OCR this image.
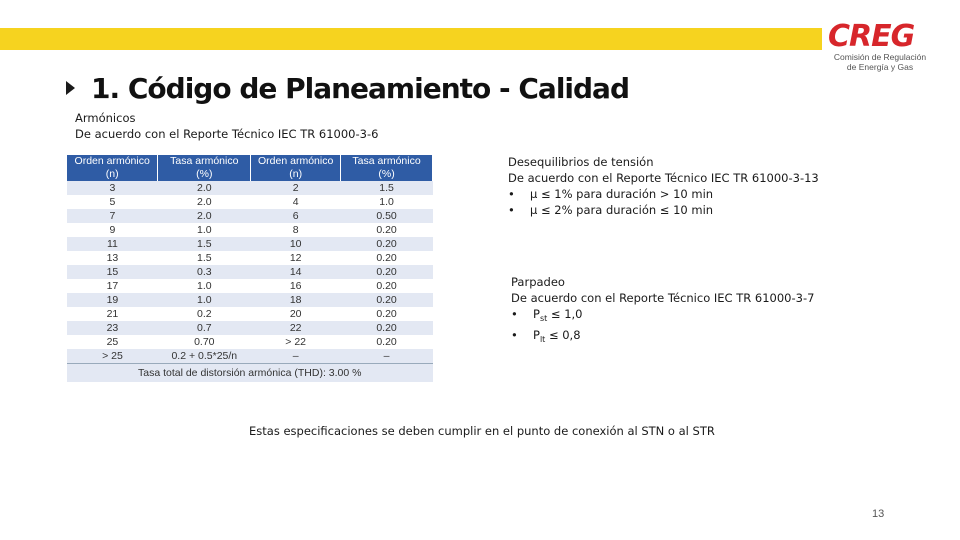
CREG
Comisión de Regulación
de Energía y Gas
1. Código de Planeamiento - Calidad
Armónicos
De acuerdo con el Reporte Técnico IEC TR 61000-3-6
Orden armónico	Tasa armónico	Orden armónico	Tasa armónico
(n)	(%)	(n)	(%)
3	2.0	2	1.5
5	2.0	4	1.0
7	2.0	6	0.50
9	1.0	8	0.20
11	1.5	10	0.20
13	1.5	12	0.20
15	0.3	14	0.20
17	1.0	16	0.20
19	1.0	18	0.20
21	0.2	20	0.20
23	0.7	22	0.20
25	0.70	> 22	0.20
> 25	0.2 + 0.5*25/n	–	–
Tasa total de distorsión armónica (THD): 3.00 %			
Desequilibrios de tensión
De acuerdo con el Reporte Técnico IEC TR 61000-3-13
•	µ ≤ 1% para duración > 10 min
•	µ ≤ 2% para duración ≤ 10 min
Parpadeo
De acuerdo con el Reporte Técnico IEC TR 61000-3-7
•	$P_{st} \le 1,0$
•	$P_{lt} \le 0,8$
Estas especificaciones se deben cumplir en el punto de conexión al STN o al STR
13
